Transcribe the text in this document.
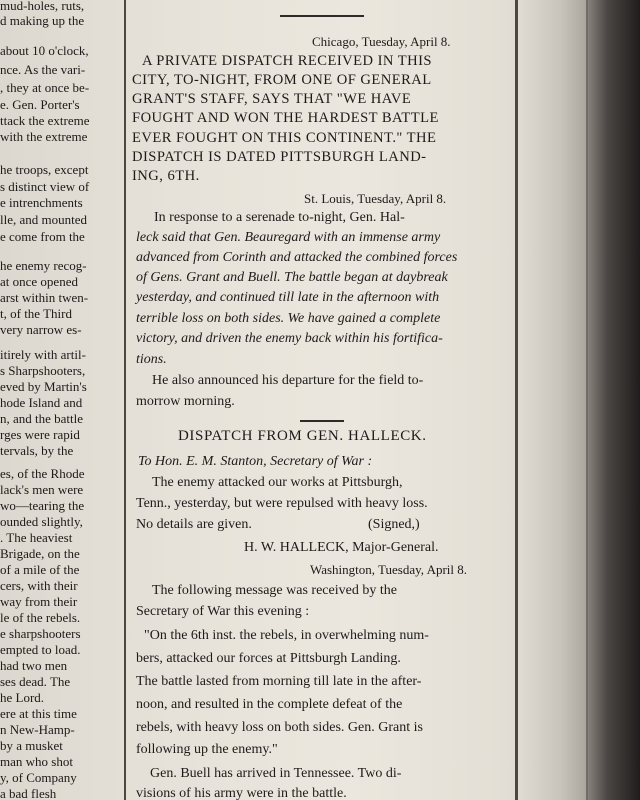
mud-holes, ruts,
d making up the
about 10 o'clock,
nce. As the vari-
, they at once be-
e. Gen. Porter's
ttack the extreme
with the extreme
he troops, except
s distinct view of
e intrenchments
lle, and mounted
e come from the
he enemy recog-
at once opened
arst within twen-
t, of the Third
very narrow es-
itirely with artil-
s Sharpshooters,
eved by Martin's
hode Island and
n, and the battle
rges were rapid
tervals, by the
es, of the Rhode
lack's men were
wo—tearing the
ounded slightly,
. The heaviest
Brigade, on the
of a mile of the
cers, with their
way from their
le of the rebels.
e sharpshooters
empted to load.
had two men
ses dead. The
he Lord.
ere at this time
n New-Hamp-
by a musket
man who shot
y, of Company
a bad flesh
Chicago, Tuesday, April 8.
A PRIVATE DISPATCH RECEIVED IN THIS
CITY, TO-NIGHT, FROM ONE OF GENERAL
GRANT'S STAFF, SAYS THAT "WE HAVE
FOUGHT AND WON THE HARDEST BATTLE
EVER FOUGHT ON THIS CONTINENT." THE
DISPATCH IS DATED PITTSBURGH LAND-
ING, 6TH.
St. Louis, Tuesday, April 8.
In response to a serenade to-night, Gen. Hal-
leck said that Gen. Beauregard with an immense army
advanced from Corinth and attacked the combined forces
of Gens. Grant and Buell. The battle began at daybreak
yesterday, and continued till late in the afternoon with
terrible loss on both sides. We have gained a complete
victory, and driven the enemy back within his fortifica-
tions.
He also announced his departure for the field to-
morrow morning.
DISPATCH FROM GEN. HALLECK.
To Hon. E. M. Stanton, Secretary of War :
The enemy attacked our works at Pittsburgh,
Tenn., yesterday, but were repulsed with heavy loss.
No details are given.	(Signed,)
H. W. HALLECK, Major-General.
Washington, Tuesday, April 8.
The following message was received by the
Secretary of War this evening :
"On the 6th inst. the rebels, in overwhelming num-
bers, attacked our forces at Pittsburgh Landing.
The battle lasted from morning till late in the after-
noon, and resulted in the complete defeat of the
rebels, with heavy loss on both sides. Gen. Grant is
following up the enemy."
Gen. Buell has arrived in Tennessee. Two di-
visions of his army were in the battle.
